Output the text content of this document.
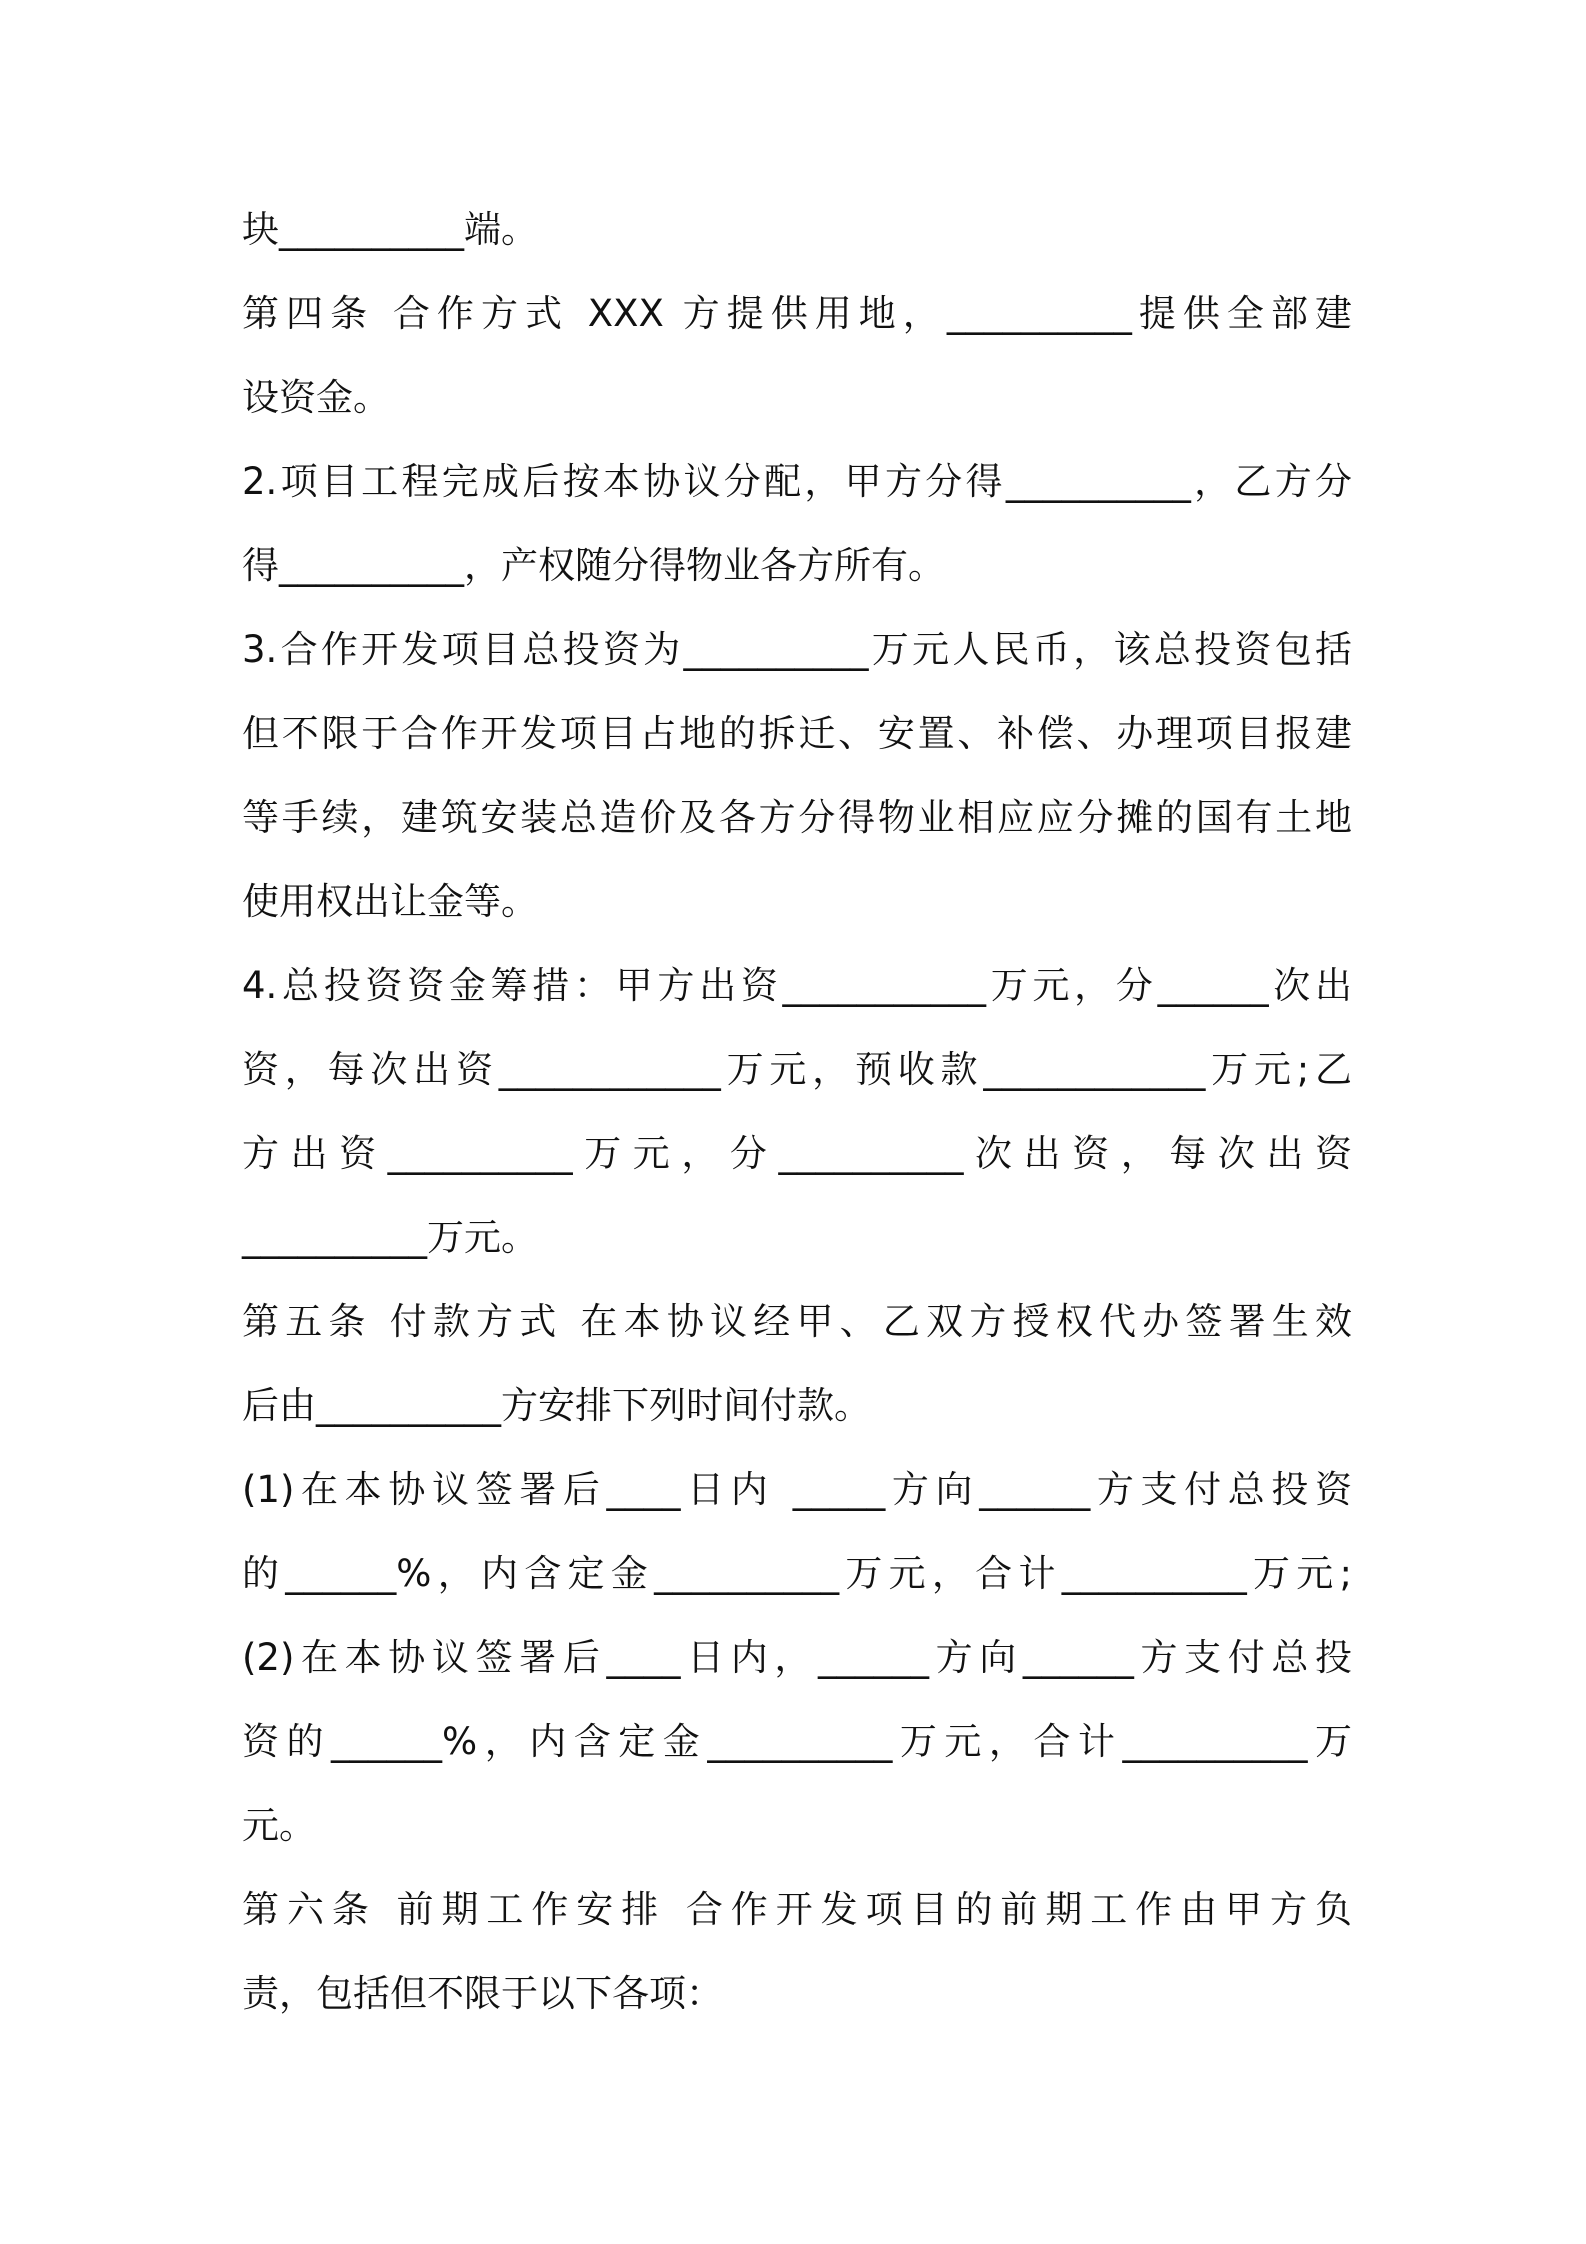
块__________端。
第四条 合作方式 XXX 方提供用地，__________提供全部建
设资金。
2.项目工程完成后按本协议分配，甲方分得__________，乙方分
得__________，产权随分得物业各方所有。
3.合作开发项目总投资为__________万元人民币，该总投资包括
但不限于合作开发项目占地的拆迁、安置、补偿、办理项目报建
等手续，建筑安装总造价及各方分得物业相应应分摊的国有土地
使用权出让金等。
4.总投资资金筹措：甲方出资___________万元，分______次出
资，每次出资____________万元，预收款____________万元;乙
方出资__________万元，分__________次出资，每次出资
__________万元。
第五条 付款方式 在本协议经甲、乙双方授权代办签署生效
后由__________方安排下列时间付款。
(1)在本协议签署后____日内 _____方向______方支付总投资
的______%，内含定金__________万元，合计__________万元;
(2)在本协议签署后____日内，______方向______方支付总投
资的______%，内含定金__________万元，合计__________万
元。
第六条 前期工作安排 合作开发项目的前期工作由甲方负
责，包括但不限于以下各项：
